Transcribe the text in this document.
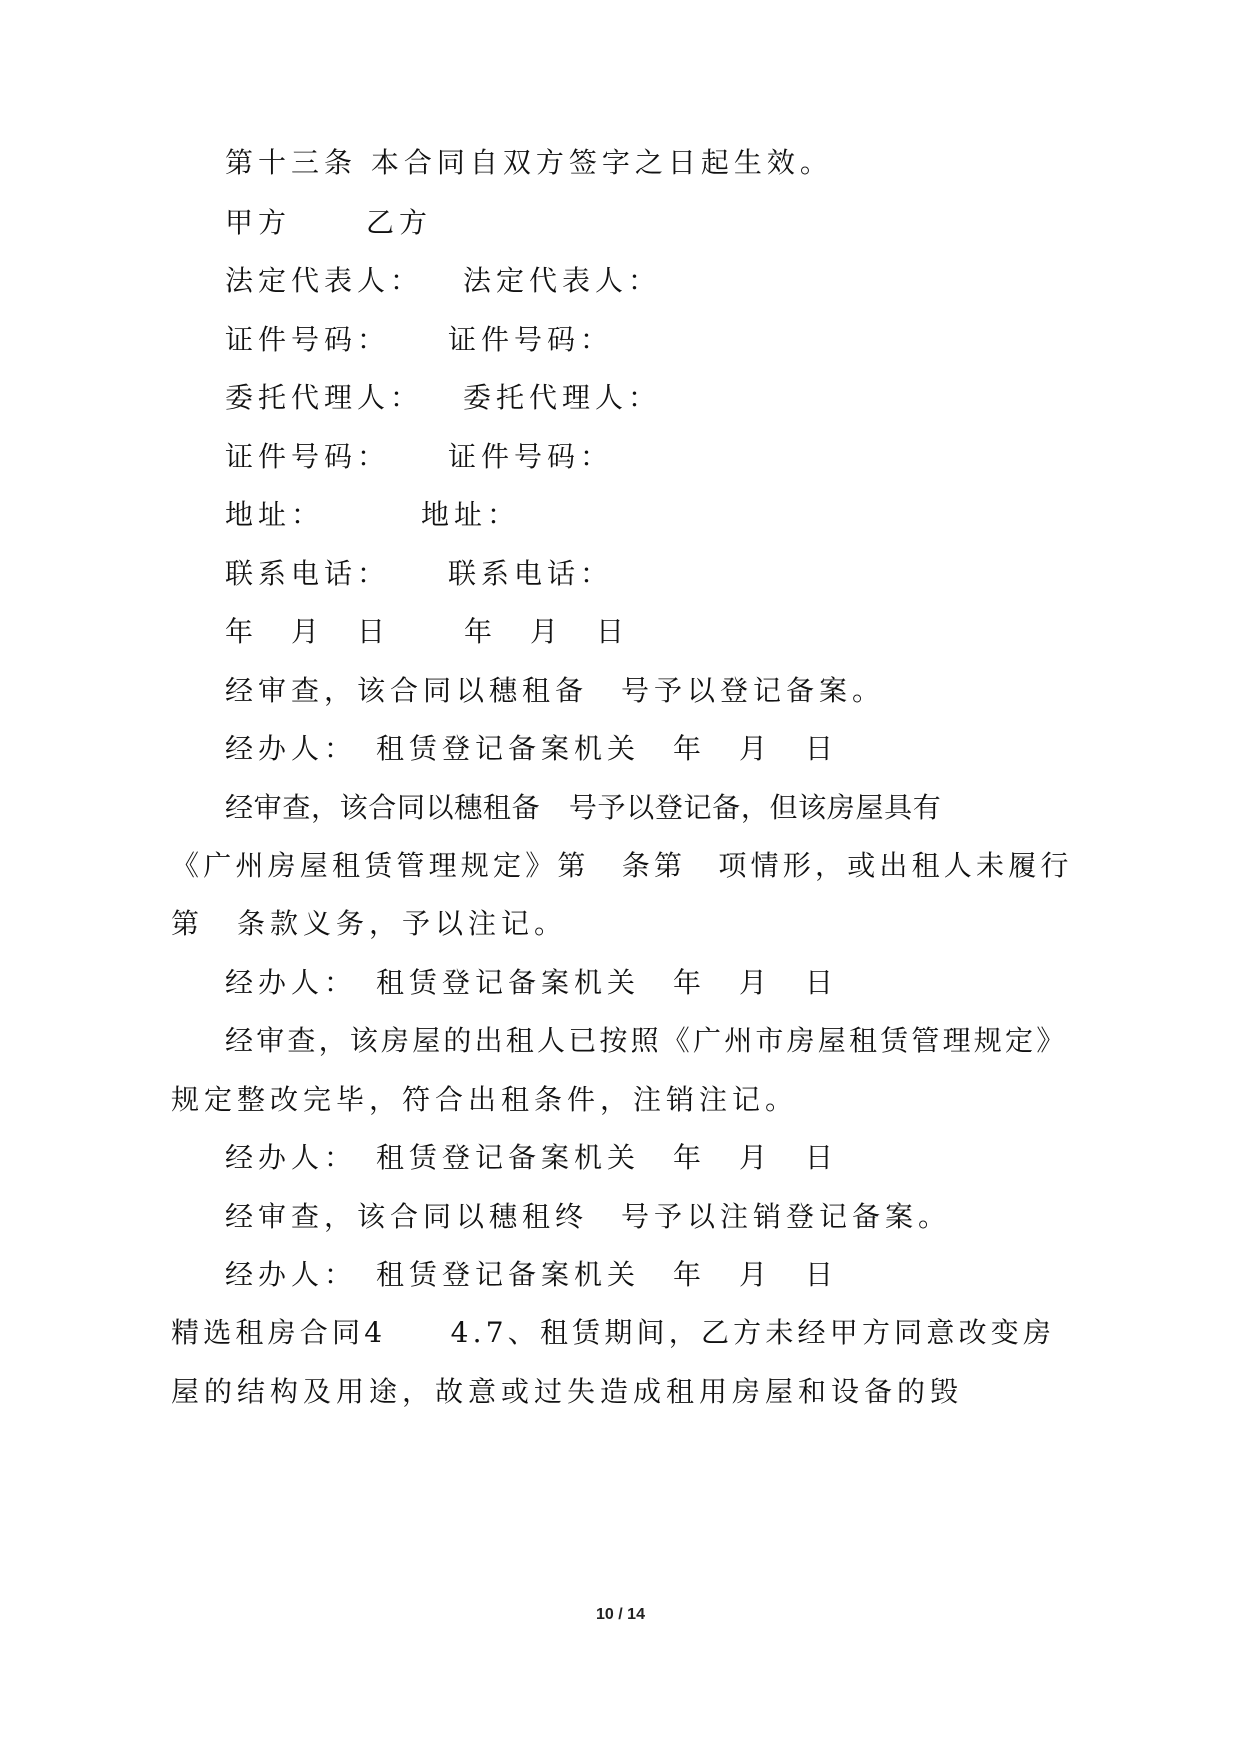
第十三条 本合同自双方签字之日起生效。
甲方	乙方
法定代表人： 法定代表人：
证件号码： 证件号码：
委托代理人： 委托代理人：
证件号码： 证件号码：
地址：	地址：
联系电话： 联系电话：
年　月　日	年　月　日
经审查，该合同以穗租备　号予以登记备案。
经办人：　租赁登记备案机关　年　月　日
经 审 查 ， 该 合 同 以 穗 租 备
　 号 予 以 登 记 备 ， 但 该 房 屋 具 有
《广州房屋租赁管理规定》第　条第　项情形，或出租人未履行
第　条款义务，予以注记。
经办人：　租赁登记备案机关　年　月　日
经审查，该房屋的出租人已按照《广州市房屋租赁管理规定》
规定整改完毕，符合出租条件，注销注记。
经办人：　租赁登记备案机关　年　月　日
经审查，该合同以穗租终　号予以注销登记备案。
经办人：　租赁登记备案机关　年　月　日
精选租房合同4　　4.7、租赁期间，乙方未经甲方同意改变房
屋的结构及用途，故意或过失造成租用房屋和设备的毁
10 / 14
